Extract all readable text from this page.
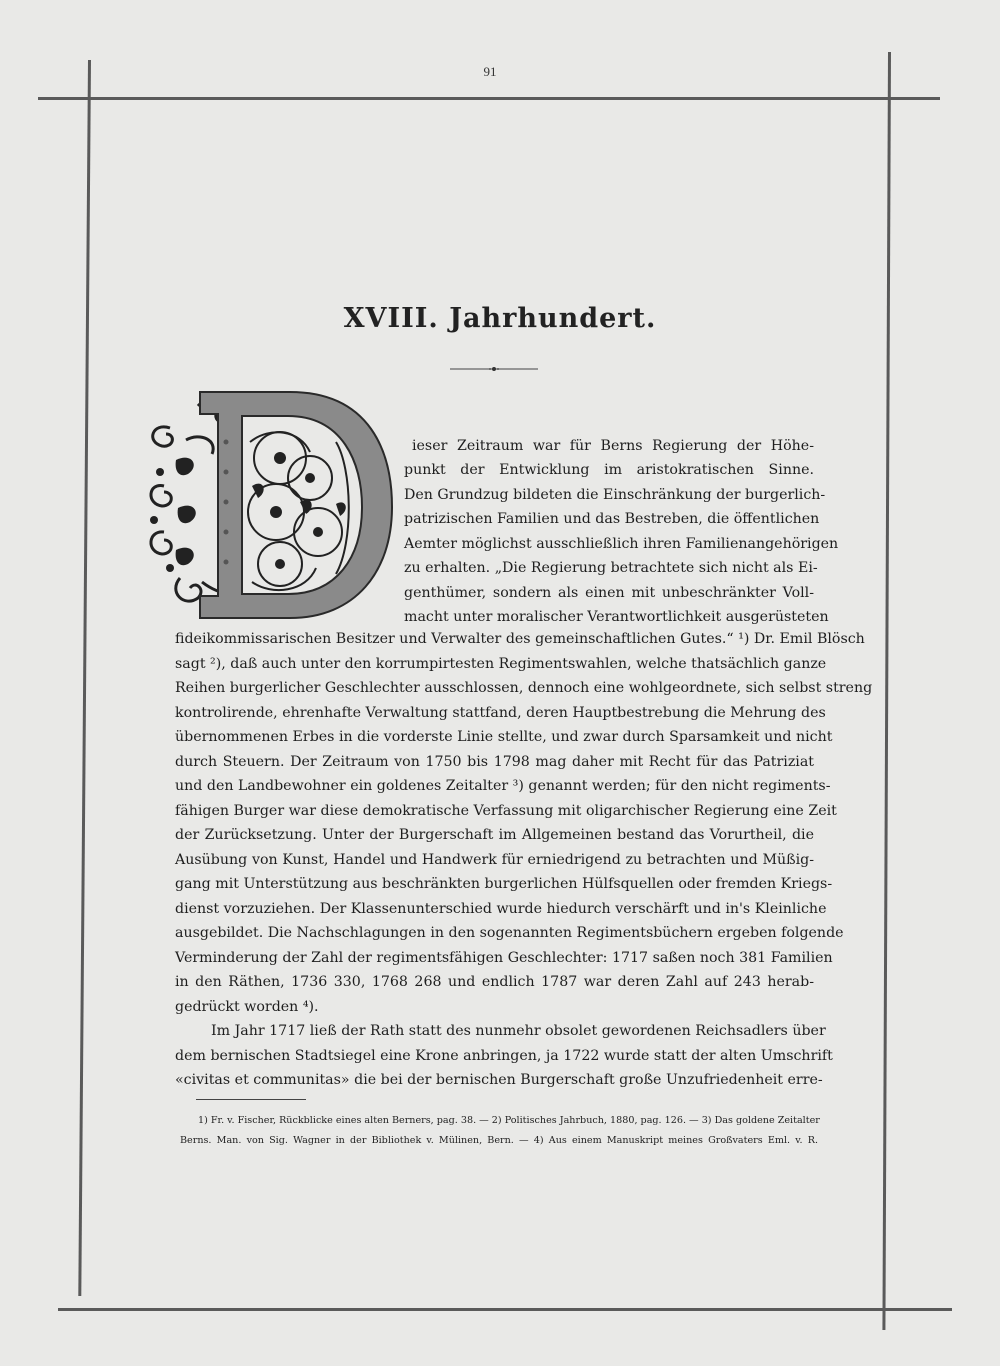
91
XVIII. Jahrhundert.
ieser Zeitraum war für Berns Regierung der Höhe-
punkt der Entwicklung im aristokratischen Sinne.
Den Grundzug bildeten die Einschränkung der burgerlich-
patrizischen Familien und das Bestreben, die öffentlichen
Aemter möglichst ausschließlich ihren Familienangehörigen
zu erhalten. „Die Regierung betrachtete sich nicht als Ei-
genthümer, sondern als einen mit unbeschränkter Voll-
macht unter moralischer Verantwortlichkeit ausgerüsteten
fideikommissarischen Besitzer und Verwalter des gemeinschaftlichen Gutes.“ ¹) Dr. Emil Blösch
sagt ²), daß auch unter den korrumpirtesten Regimentswahlen, welche thatsächlich ganze
Reihen burgerlicher Geschlechter ausschlossen, dennoch eine wohlgeordnete, sich selbst streng
kontrolirende, ehrenhafte Verwaltung stattfand, deren Hauptbestrebung die Mehrung des
übernommenen Erbes in die vorderste Linie stellte, und zwar durch Sparsamkeit und nicht
durch Steuern. Der Zeitraum von 1750 bis 1798 mag daher mit Recht für das Patriziat
und den Landbewohner ein goldenes Zeitalter ³) genannt werden; für den nicht regiments-
fähigen Burger war diese demokratische Verfassung mit oligarchischer Regierung eine Zeit
der Zurücksetzung. Unter der Burgerschaft im Allgemeinen bestand das Vorurtheil, die
Ausübung von Kunst, Handel und Handwerk für erniedrigend zu betrachten und Müßig-
gang mit Unterstützung aus beschränkten burgerlichen Hülfsquellen oder fremden Kriegs-
dienst vorzuziehen. Der Klassenunterschied wurde hiedurch verschärft und in's Kleinliche
ausgebildet. Die Nachschlagungen in den sogenannten Regimentsbüchern ergeben folgende
Verminderung der Zahl der regimentsfähigen Geschlechter: 1717 saßen noch 381 Familien
in den Räthen, 1736 330, 1768 268 und endlich 1787 war deren Zahl auf 243 herab-
gedrückt worden ⁴).
Im Jahr 1717 ließ der Rath statt des nunmehr obsolet gewordenen Reichsadlers über
dem bernischen Stadtsiegel eine Krone anbringen, ja 1722 wurde statt der alten Umschrift
«civitas et communitas» die bei der bernischen Burgerschaft große Unzufriedenheit erre-
1) Fr. v. Fischer, Rückblicke eines alten Berners, pag. 38. — 2) Politisches Jahrbuch, 1880, pag. 126. — 3) Das goldene Zeitalter
Berns. Man. von Sig. Wagner in der Bibliothek v. Mülinen, Bern. — 4) Aus einem Manuskript meines Großvaters Eml. v. R.
